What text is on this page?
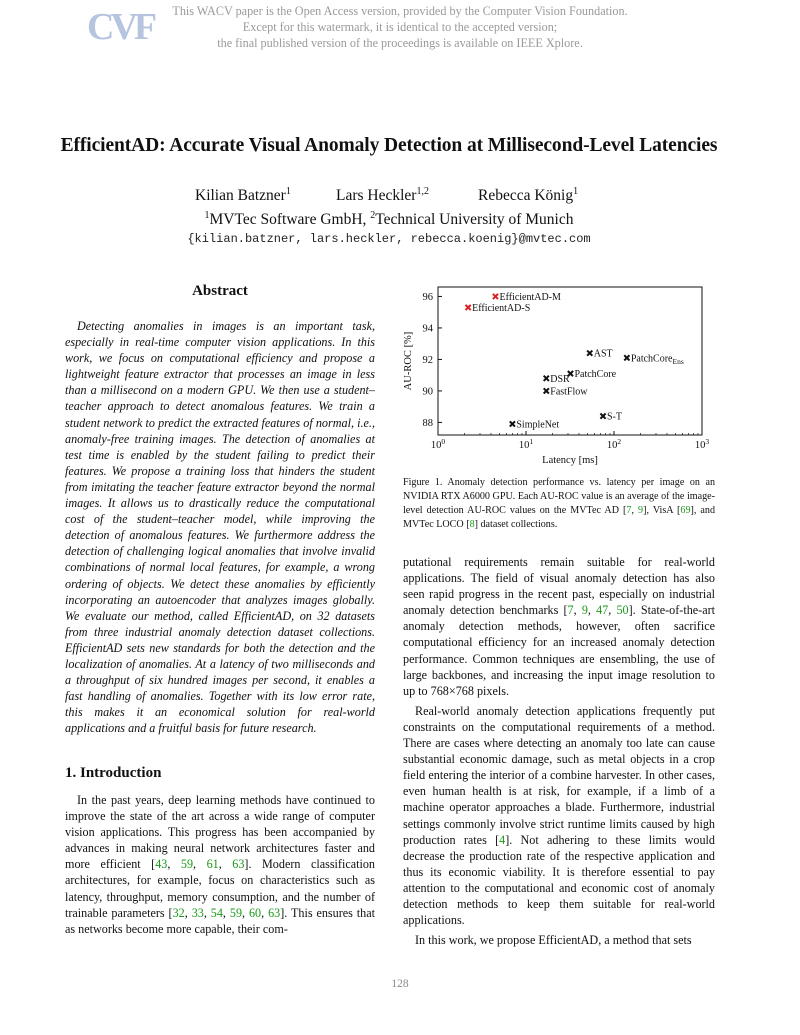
This WACV paper is the Open Access version, provided by the Computer Vision Foundation.
Except for this watermark, it is identical to the accepted version;
the final published version of the proceedings is available on IEEE Xplore.
CVF
EfficientAD: Accurate Visual Anomaly Detection at Millisecond-Level Latencies
Kilian Batzner$^1$	Lars Heckler$^{1,2}$	Rebecca König$^1$
$^1$MVTec Software GmbH, $^2$Technical University of Munich
{kilian.batzner, lars.heckler, rebecca.koenig}@mvtec.com
Abstract
Detecting anomalies in images is an important task, especially in real-time computer vision applications. In this work, we focus on computational efficiency and propose a lightweight feature extractor that processes an image in less than a millisecond on a modern GPU. We then use a student–teacher approach to detect anomalous features. We train a student network to predict the extracted features of normal, i.e., anomaly-free training images. The detection of anomalies at test time is enabled by the student failing to predict their features. We propose a training loss that hinders the student from imitating the teacher feature extractor beyond the normal images. It allows us to drastically reduce the computational cost of the student–teacher model, while improving the detection of anomalous features. We furthermore address the detection of challenging logical anomalies that involve invalid combinations of normal local features, for example, a wrong ordering of objects. We detect these anomalies by efficiently incorporating an autoencoder that analyzes images globally. We evaluate our method, called EfficientAD, on 32 datasets from three industrial anomaly detection dataset collections. EfficientAD sets new standards for both the detection and the localization of anomalies. At a latency of two milliseconds and a throughput of six hundred images per second, it enables a fast handling of anomalies. Together with its low error rate, this makes it an economical solution for real-world applications and a fruitful basis for future research.
1. Introduction
In the past years, deep learning methods have continued to improve the state of the art across a wide range of computer vision applications. This progress has been accompanied by advances in making neural network architectures faster and more efficient [43, 59, 61, 63]. Modern classification architectures, for example, focus on characteristics such as latency, throughput, memory consumption, and the number of trainable parameters [32, 33, 54, 59, 60, 63]. This ensures that as networks become more capable, their com-
88
90
92
94
96
$10^0$	$10^1$	$10^2$	$10^3$
EfficientAD-M
EfficientAD-S
AST PatchCore$_{Ens}$
PatchCore
DSR
FastFlow
S-T
SimpleNet
Latency [ms]
AU-ROC [%]
Figure 1. Anomaly detection performance vs. latency per image on an NVIDIA RTX A6000 GPU. Each AU-ROC value is an average of the image-level detection AU-ROC values on the MVTec AD [7, 9], VisA [69], and MVTec LOCO [8] dataset collections.

putational requirements remain suitable for real-world applications. The field of visual anomaly detection has also seen rapid progress in the recent past, especially on industrial anomaly detection benchmarks [7, 9, 47, 50]. State-of-the-art anomaly detection methods, however, often sacrifice computational efficiency for an increased anomaly detection performance. Common techniques are ensembling, the use of large backbones, and increasing the input image resolution to up to 768×768 pixels.

Real-world anomaly detection applications frequently put constraints on the computational requirements of a method. There are cases where detecting an anomaly too late can cause substantial economic damage, such as metal objects in a crop field entering the interior of a combine harvester. In other cases, even human health is at risk, for example, if a limb of a machine operator approaches a blade. Furthermore, industrial settings commonly involve strict runtime limits caused by high production rates [4]. Not adhering to these limits would decrease the production rate of the respective application and thus its economic viability. It is therefore essential to pay attention to the computational and economic cost of anomaly detection methods to keep them suitable for real-world applications.

In this work, we propose EfficientAD, a method that sets

128
